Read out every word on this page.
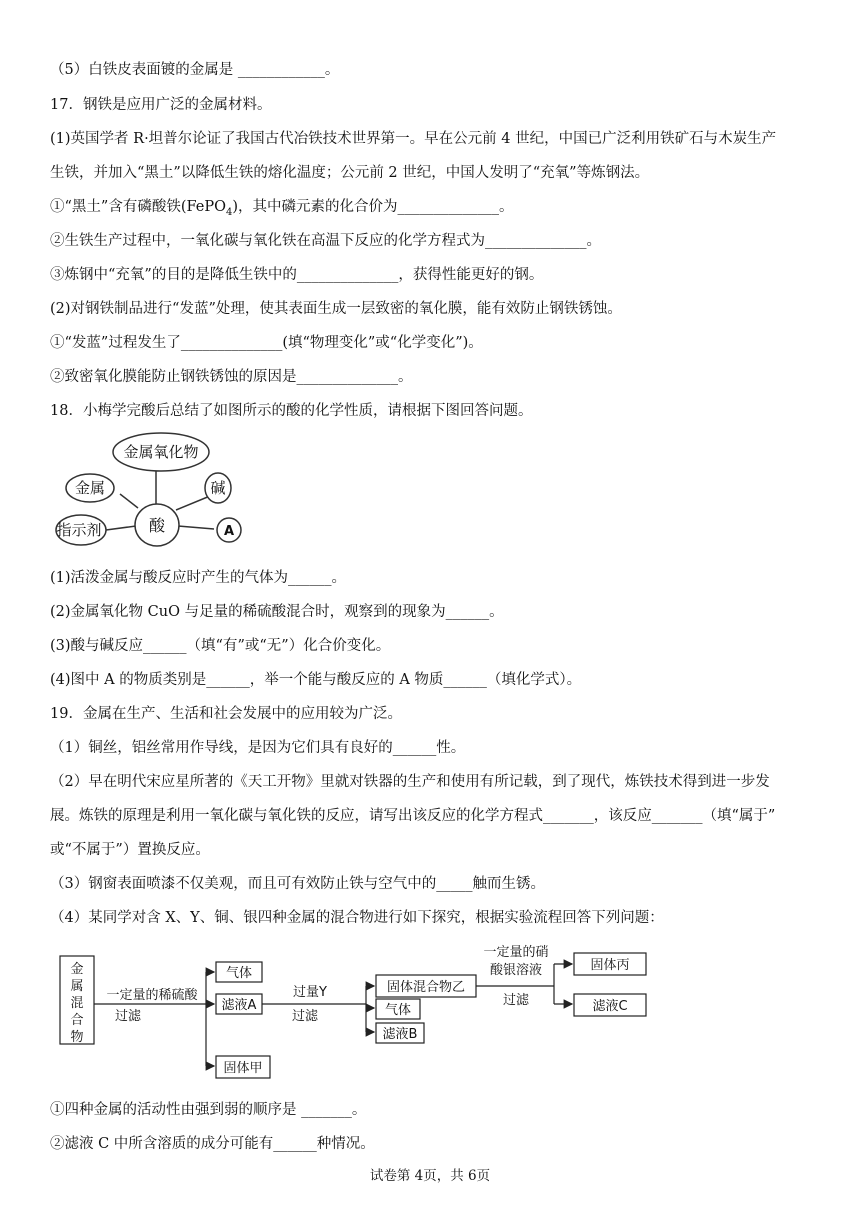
（5）白铁皮表面镀的金属是 ____________。
17．钢铁是应用广泛的金属材料。
(1)英国学者 R·坦普尔论证了我国古代冶铁技术世界第一。早在公元前 4 世纪，中国已广泛利用铁矿石与木炭生产
生铁，并加入“黑土”以降低生铁的熔化温度；公元前 2 世纪，中国人发明了“充氧”等炼钢法。
①“黑土”含有磷酸铁(FePO$_4$)，其中磷元素的化合价为______________。
②生铁生产过程中，一氧化碳与氧化铁在高温下反应的化学方程式为______________。
③炼钢中“充氧”的目的是降低生铁中的______________，获得性能更好的钢。
(2)对钢铁制品进行“发蓝”处理，使其表面生成一层致密的氧化膜，能有效防止钢铁锈蚀。
①“发蓝”过程发生了______________(填“物理变化”或“化学变化”)。
②致密氧化膜能防止钢铁锈蚀的原因是______________。
18．小梅学完酸后总结了如图所示的酸的化学性质，请根据下图回答问题。
金属氧化物
金属	碱
酸
指示剂	A
(1)活泼金属与酸反应时产生的气体为______。
(2)金属氧化物 CuO 与足量的稀硫酸混合时，观察到的现象为______。
(3)酸与碱反应______（填“有”或“无”）化合价变化。
(4)图中 A 的物质类别是______，举一个能与酸反应的 A 物质______（填化学式）。
19．金属在生产、生活和社会发展中的应用较为广泛。
（1）铜丝，铝丝常用作导线，是因为它们具有良好的______性。
（2）早在明代宋应星所著的《天工开物》里就对铁器的生产和使用有所记载，到了现代，炼铁技术得到进一步发
展。炼铁的原理是利用一氧化碳与氧化铁的反应，请写出该反应的化学方程式_______，该反应_______（填“属于”
或“不属于”）置换反应。
（3）钢窗表面喷漆不仅美观，而且可有效防止铁与空气中的_____触而生锈。
（4）某同学对含 X、Y、铜、银四种金属的混合物进行如下探究，根据实验流程回答下列问题：
金
属
混
合
物
一定量的稀硫酸
过滤
气体
滤液A
固体甲
过量Y
过滤
固体混合物乙
气体
滤液B
一定量的硝
酸银溶液
过滤
固体丙
滤液C
①四种金属的活动性由强到弱的顺序是 _______。
②滤液 C 中所含溶质的成分可能有______种情况。
试卷第 4页，共 6页
